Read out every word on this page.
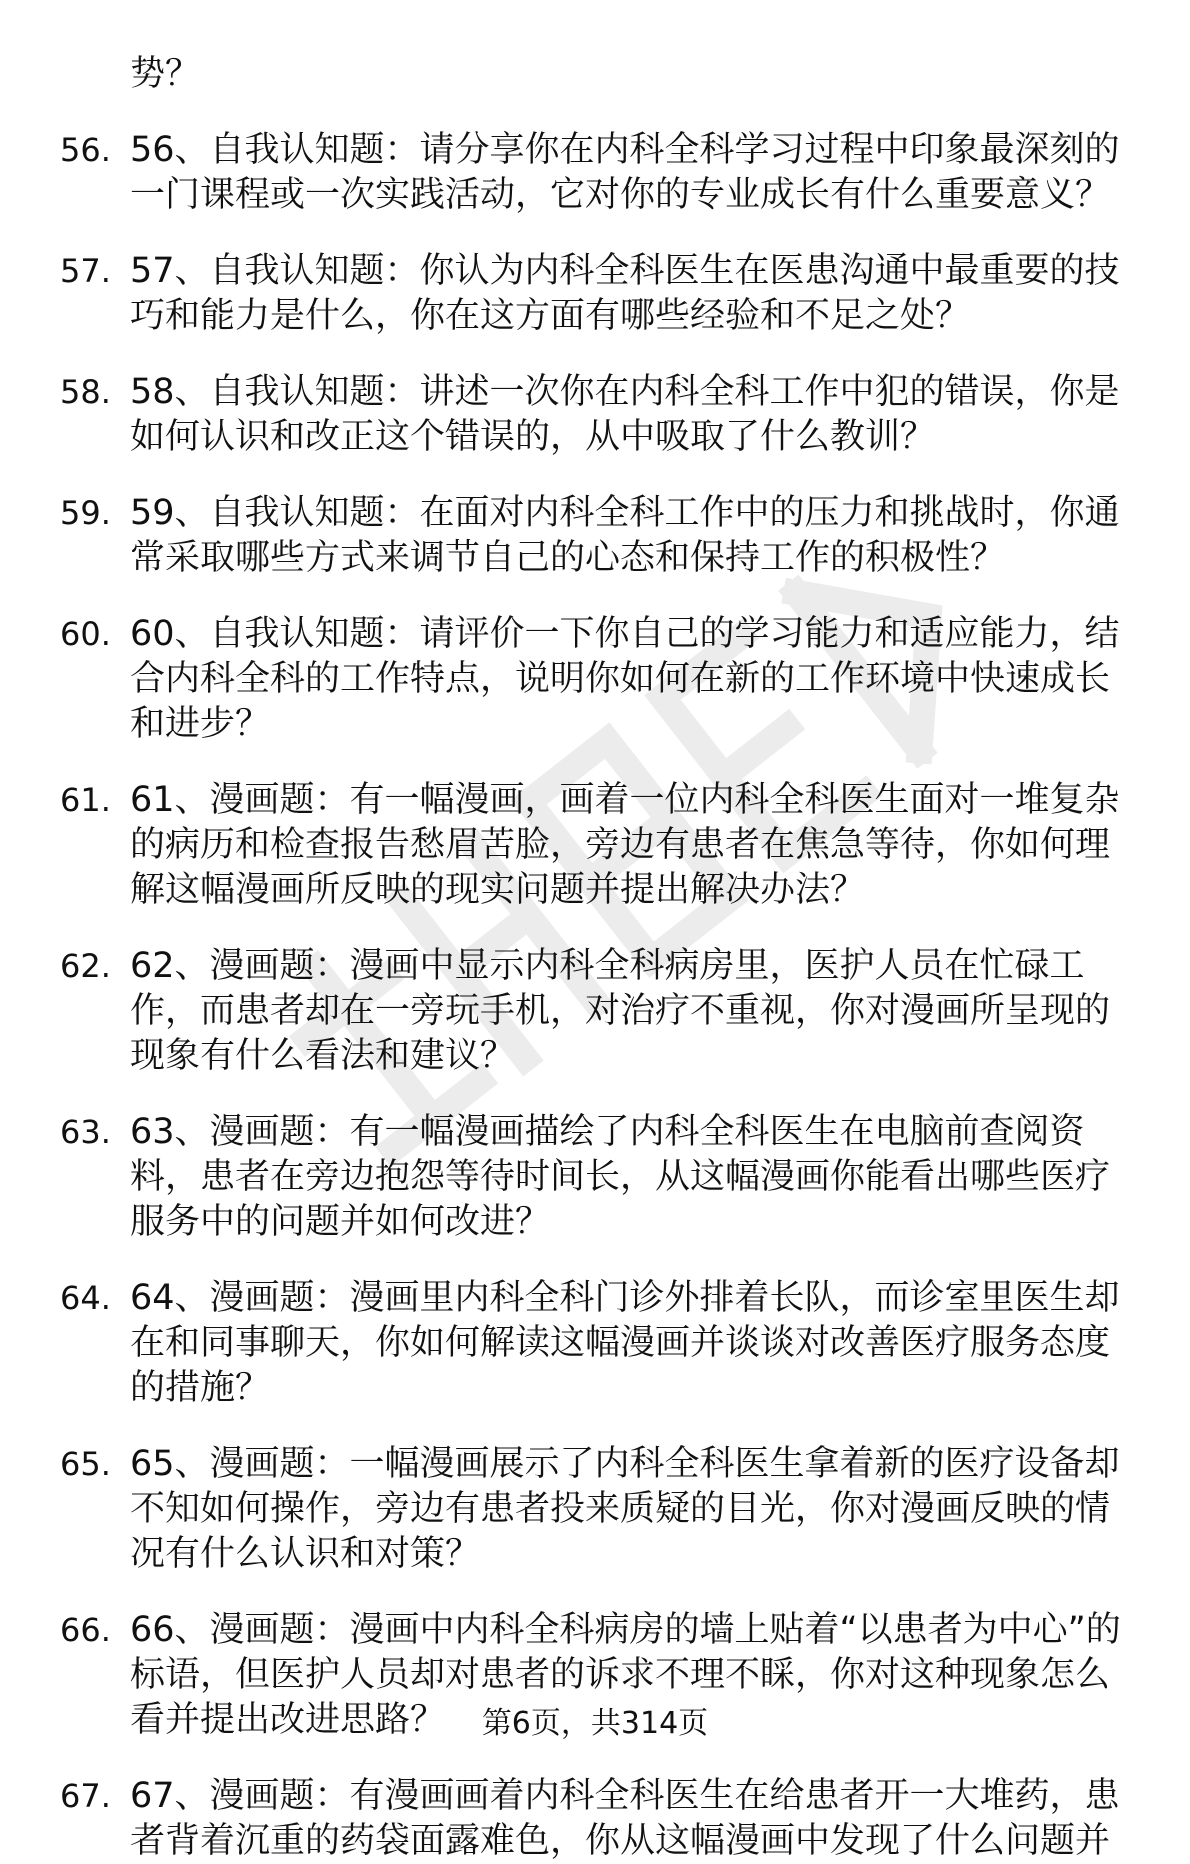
势？

56. 56、自我认知题：请分享你在内科全科学习过程中印象最深刻的
一门课程或一次实践活动，它对你的专业成长有什么重要意义？
57. 57、自我认知题：你认为内科全科医生在医患沟通中最重要的技
巧和能力是什么，你在这方面有哪些经验和不足之处？
58. 58、自我认知题：讲述一次你在内科全科工作中犯的错误，你是
如何认识和改正这个错误的，从中吸取了什么教训？
59. 59、自我认知题：在面对内科全科工作中的压力和挑战时，你通
常采取哪些方式来调节自己的心态和保持工作的积极性？
60. 60、自我认知题：请评价一下你自己的学习能力和适应能力，结
合内科全科的工作特点，说明你如何在新的工作环境中快速成长
和进步？
61. 61、漫画题：有一幅漫画，画着一位内科全科医生面对一堆复杂
的病历和检查报告愁眉苦脸，旁边有患者在焦急等待，你如何理
解这幅漫画所反映的现实问题并提出解决办法？
62. 62、漫画题：漫画中显示内科全科病房里，医护人员在忙碌工
作，而患者却在一旁玩手机，对治疗不重视，你对漫画所呈现的
现象有什么看法和建议？
63. 63、漫画题：有一幅漫画描绘了内科全科医生在电脑前查阅资
料，患者在旁边抱怨等待时间长，从这幅漫画你能看出哪些医疗
服务中的问题并如何改进？
64. 64、漫画题：漫画里内科全科门诊外排着长队，而诊室里医生却
在和同事聊天，你如何解读这幅漫画并谈谈对改善医疗服务态度
的措施？
65. 65、漫画题：一幅漫画展示了内科全科医生拿着新的医疗设备却
不知如何操作，旁边有患者投来质疑的目光，你对漫画反映的情
况有什么认识和对策？
66. 66、漫画题：漫画中内科全科病房的墙上贴着“以患者为中心”的
标语，但医护人员却对患者的诉求不理不睬，你对这种现象怎么
看并提出改进思路？
67. 67、漫画题：有漫画画着内科全科医生在给患者开一大堆药，患
者背着沉重的药袋面露难色，你从这幅漫画中发现了什么问题并
第6页，共314页
